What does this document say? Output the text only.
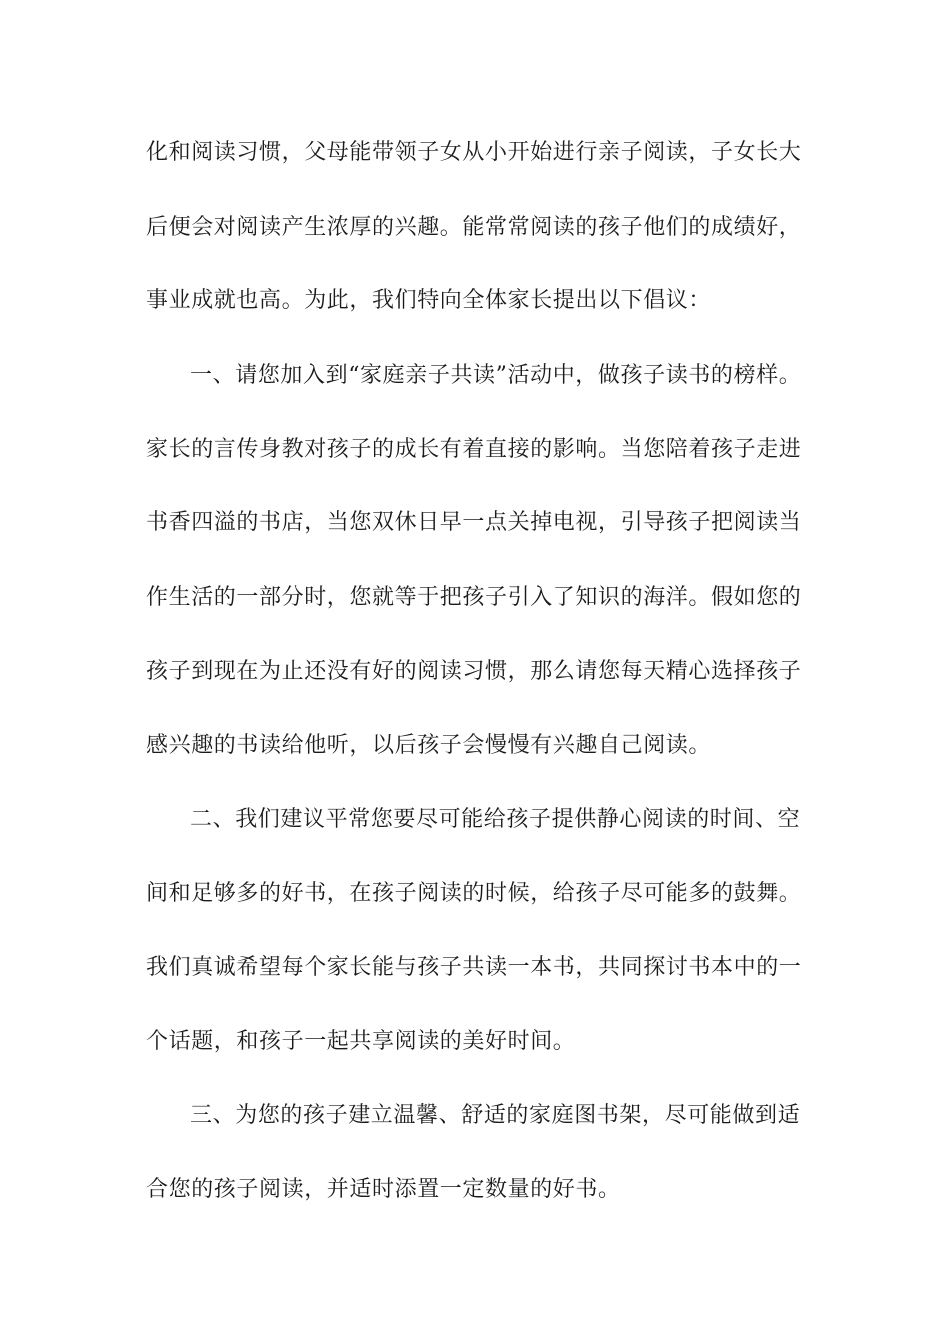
化和阅读习惯，父母能带领子女从小开始进行亲子阅读，子女长大
后便会对阅读产生浓厚的兴趣。能常常阅读的孩子他们的成绩好，
事业成就也高。为此，我们特向全体家长提出以下倡议：
一、请您加入到“家庭亲子共读”活动中，做孩子读书的榜样。
家长的言传身教对孩子的成长有着直接的影响。当您陪着孩子走进
书香四溢的书店，当您双休日早一点关掉电视，引导孩子把阅读当
作生活的一部分时，您就等于把孩子引入了知识的海洋。假如您的
孩子到现在为止还没有好的阅读习惯，那么请您每天精心选择孩子
感兴趣的书读给他听，以后孩子会慢慢有兴趣自己阅读。
二、我们建议平常您要尽可能给孩子提供静心阅读的时间、空
间和足够多的好书，在孩子阅读的时候，给孩子尽可能多的鼓舞。
我们真诚希望每个家长能与孩子共读一本书，共同探讨书本中的一
个话题，和孩子一起共享阅读的美好时间。
三、为您的孩子建立温馨、舒适的家庭图书架，尽可能做到适
合您的孩子阅读，并适时添置一定数量的好书。
